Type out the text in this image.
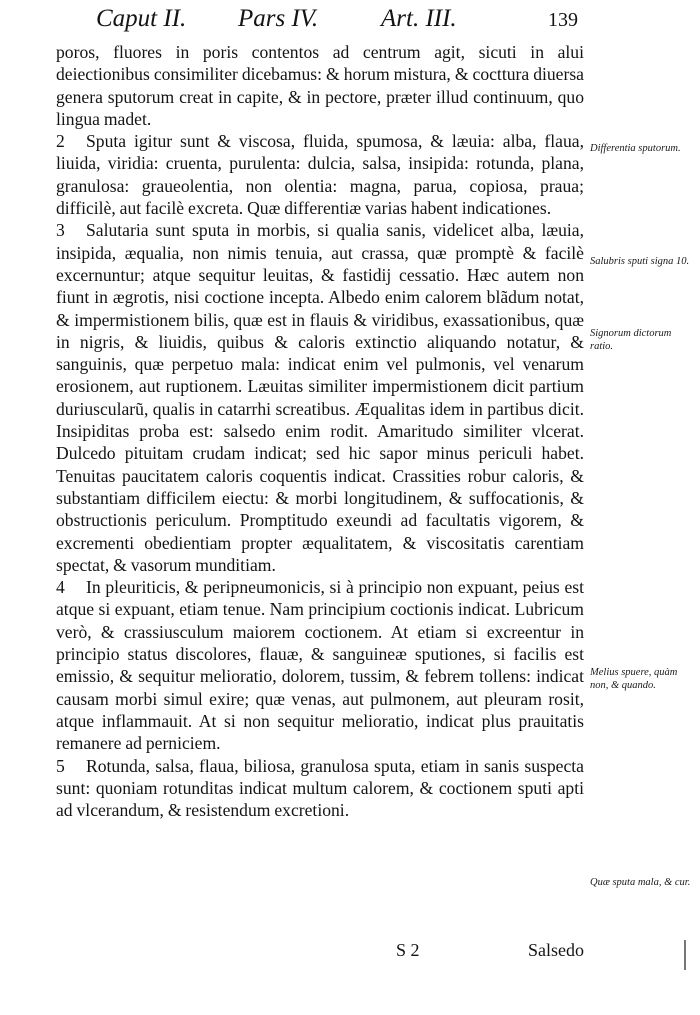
Caput II. Pars IV.	Art. III.	139

poros, fluores in poris contentos ad centrum agit, sicuti in alui deiectionibus consimiliter dicebamus: & horum mistura, & cocttura diuersa genera sputorum creat in capite, & in pectore, præter illud continuum, quo lingua madet.

2 Sputa igitur sunt & viscosa, fluida, spumosa, & læuia: alba, flaua, liuida, viridia: cruenta, purulenta: dulcia, salsa, insipida: rotunda, plana, granulosa: graueolentia, non olentia: magna, parua, copiosa, praua; difficilè, aut facilè excreta. Quæ differentiæ varias habent indicationes.

3 Salutaria sunt sputa in morbis, si qualia sanis, videlicet alba, læuia, insipida, æqualia, non nimis tenuia, aut crassa, quæ promptè & facilè excernuntur; atque sequitur leuitas, & fastidij cessatio. Hæc autem non fiunt in ægrotis, nisi coctione incepta. Albedo enim calorem blãdum notat, & impermistionem bilis, quæ est in flauis & viridibus, exassationibus, quæ in nigris, & liuidis, quibus & caloris extinctio aliquando notatur, & sanguinis, quæ perpetuo mala: indicat enim vel pulmonis, vel venarum erosionem, aut ruptionem. Læuitas similiter impermistionem dicit partium duriuscularũ, qualis in catarrhi screatibus. Æqualitas idem in partibus dicit. Insipiditas proba est: salsedo enim rodit. Amaritudo similiter vlcerat. Dulcedo pituitam crudam indicat; sed hic sapor minus periculi habet. Tenuitas paucitatem caloris coquentis indicat. Crassities robur caloris, & substantiam difficilem eiectu: & morbi longitudinem, & suffocationis, & obstructionis periculum. Promptitudo exeundi ad facultatis vigorem, & excrementi obedientiam propter æqualitatem, & viscositatis carentiam spectat, & vasorum munditiam.

4 In pleuriticis, & peripneumonicis, si à principio non expuant, peius est atque si expuant, etiam tenue. Nam principium coctionis indicat. Lubricum verò, & crassiusculum maiorem coctionem. At etiam si excreentur in principio status discolores, flauæ, & sanguineæ sputiones, si facilis est emissio, & sequitur melioratio, dolorem, tussim, & febrem tollens: indicat causam morbi simul exire; quæ venas, aut pulmonem, aut pleuram rosit, atque inflammauit. At si non sequitur melioratio, indicat plus prauitatis remanere ad perniciem.

5 Rotunda, salsa, flaua, biliosa, granulosa sputa, etiam in sanis suspecta sunt: quoniam rotunditas indicat multum calorem, & coctionem sputi apti ad vlcerandum, & resistendum excretioni.

Differentia sputorum.
Salubris sputi signa 10.
Signorum dictorum ratio.
Melius spuere, quàm non, & quando.
Quæ sputa mala, & cur.
S 2	Salsedo
